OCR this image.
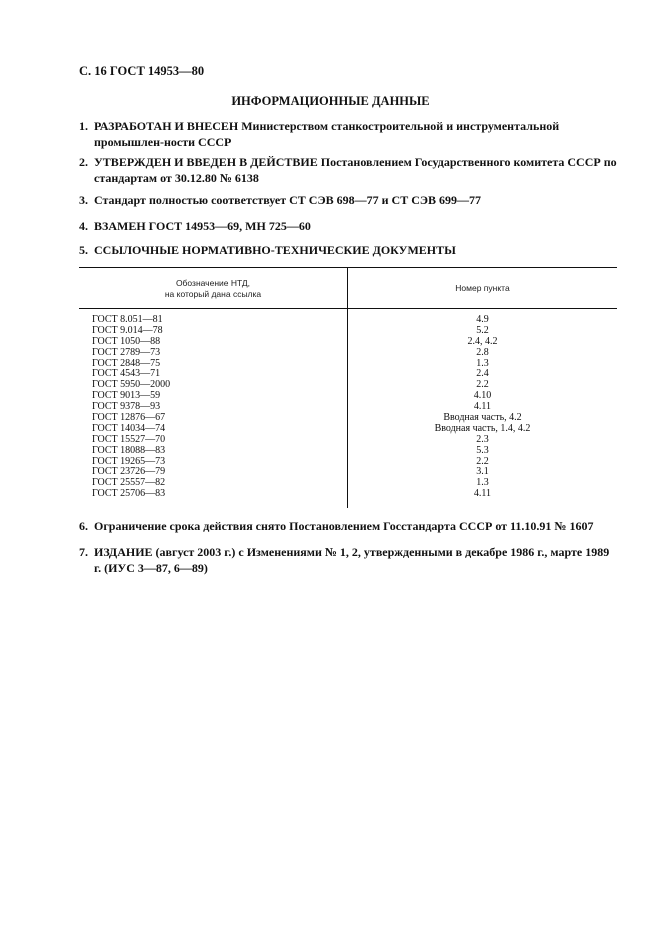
С. 16 ГОСТ 14953—80
ИНФОРМАЦИОННЫЕ ДАННЫЕ
1. РАЗРАБОТАН И ВНЕСЕН Министерством станкостроительной и инструментальной промышлен-ности СССР
2. УТВЕРЖДЕН И ВВЕДЕН В ДЕЙСТВИЕ Постановлением Государственного комитета СССР по стандартам от 30.12.80 № 6138
3. Стандарт полностью соответствует СТ СЭВ 698—77 и СТ СЭВ 699—77
4. ВЗАМЕН ГОСТ 14953—69, МН 725—60
5. ССЫЛОЧНЫЕ НОРМАТИВНО-ТЕХНИЧЕСКИЕ ДОКУМЕНТЫ
Обозначение НТД,
на который дана ссылка
Номер пункта
ГОСТ 8.051—81	4.9
ГОСТ 9.014—78	5.2
ГОСТ 1050—88	2.4, 4.2
ГОСТ 2789—73	2.8
ГОСТ 2848—75	1.3
ГОСТ 4543—71	2.4
ГОСТ 5950—2000	2.2
ГОСТ 9013—59	4.10
ГОСТ 9378—93	4.11
ГОСТ 12876—67	Вводная часть, 4.2
ГОСТ 14034—74	Вводная часть, 1.4, 4.2
ГОСТ 15527—70	2.3
ГОСТ 18088—83	5.3
ГОСТ 19265—73	2.2
ГОСТ 23726—79	3.1
ГОСТ 25557—82	1.3
ГОСТ 25706—83	4.11
6. Ограничение срока действия снято Постановлением Госстандарта СССР от 11.10.91 № 1607
7. ИЗДАНИЕ (август 2003 г.) с Изменениями № 1, 2, утвержденными в декабре 1986 г., марте 1989 г. (ИУС 3—87, 6—89)
